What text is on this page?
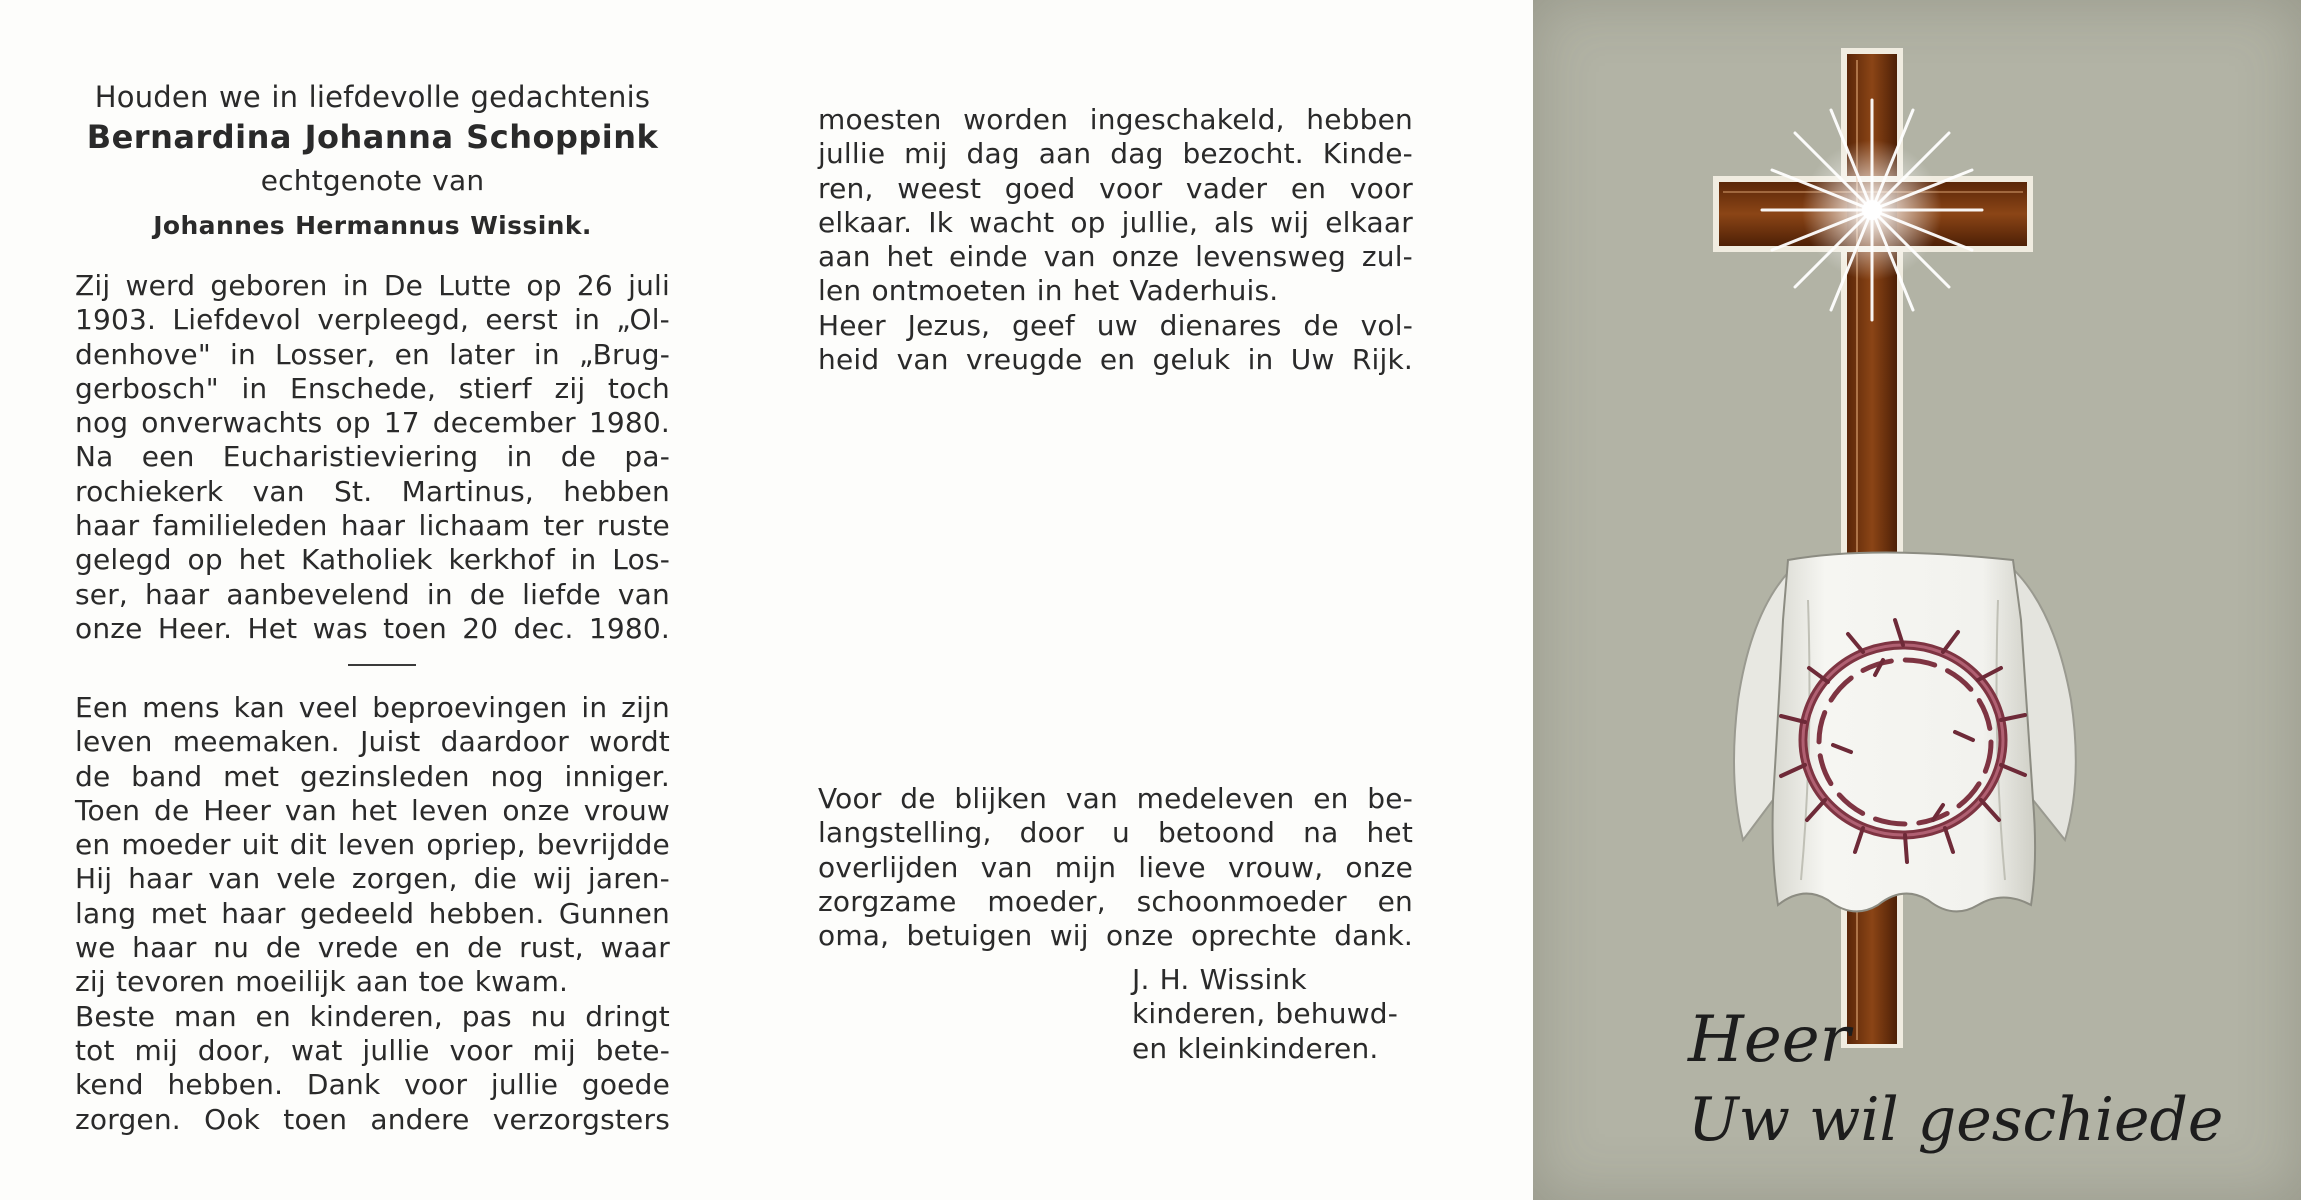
Houden we in liefdevolle gedachtenis
Bernardina Johanna Schoppink
echtgenote van
Johannes Hermannus Wissink.
Zij werd geboren in De Lutte op 26 juli
1903. Liefdevol verpleegd, eerst in „Ol-
denhove" in Losser, en later in „Brug-
gerbosch" in Enschede, stierf zij toch
nog onverwachts op 17 december 1980.
Na een Eucharistieviering in de pa-
rochiekerk van St. Martinus, hebben
haar familieleden haar lichaam ter ruste
gelegd op het Katholiek kerkhof in Los-
ser, haar aanbevelend in de liefde van
onze Heer. Het was toen 20 dec. 1980.
Een mens kan veel beproevingen in zijn
leven meemaken. Juist daardoor wordt
de band met gezinsleden nog inniger.
Toen de Heer van het leven onze vrouw
en moeder uit dit leven opriep, bevrijdde
Hij haar van vele zorgen, die wij jaren-
lang met haar gedeeld hebben. Gunnen
we haar nu de vrede en de rust, waar
zij tevoren moeilijk aan toe kwam.
Beste man en kinderen, pas nu dringt
tot mij door, wat jullie voor mij bete-
kend hebben. Dank voor jullie goede
zorgen. Ook toen andere verzorgsters
moesten worden ingeschakeld, hebben
jullie mij dag aan dag bezocht. Kinde-
ren, weest goed voor vader en voor
elkaar. Ik wacht op jullie, als wij elkaar
aan het einde van onze levensweg zul-
len ontmoeten in het Vaderhuis.
Heer Jezus, geef uw dienares de vol-
heid van vreugde en geluk in Uw Rijk.
Voor de blijken van medeleven en be-
langstelling, door u betoond na het
overlijden van mijn lieve vrouw, onze
zorgzame moeder, schoonmoeder en
oma, betuigen wij onze oprechte dank.
J. H. Wissink
kinderen, behuwd-
en kleinkinderen.	Heer
Uw wil geschiede
